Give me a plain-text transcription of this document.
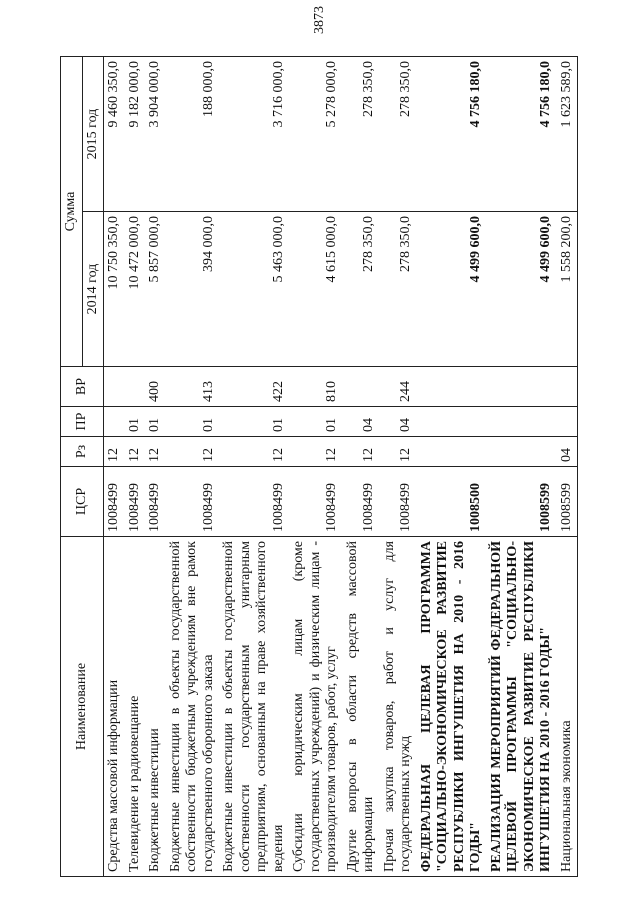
3873
Наименование	ЦСР	Рз	ПР	ВР	Сумма	
					2014 год	2015 год
Средства массовой информации	1008499	12			10 750 350,0	9 460 350,0
Телевидение и радиовещание	1008499	12	01		10 472 000,0	9 182 000,0
Бюджетные инвестиции	1008499	12	01	400	5 857 000,0	3 904 000,0
Бюджетные инвестиции в объекты государственной собственности бюджетным учреждениям вне рамок государственного оборонного заказа	1008499	12	01	413	394 000,0	188 000,0
Бюджетные инвестиции в объекты государственной собственности государственным унитарным предприятиям, основанным на праве хозяйственного ведения	1008499	12	01	422	5 463 000,0	3 716 000,0
Субсидии юридическим лицам (кроме государственных учреждений) и физическим лицам - производителям товаров, работ, услуг	1008499	12	01	810	4 615 000,0	5 278 000,0
Другие вопросы в области средств массовой информации	1008499	12	04		278 350,0	278 350,0
Прочая закупка товаров, работ и услуг для государственных нужд	1008499	12	04	244	278 350,0	278 350,0
ФЕДЕРАЛЬНАЯ ЦЕЛЕВАЯ ПРОГРАММА "СОЦИАЛЬНО-ЭКОНОМИЧЕСКОЕ РАЗВИТИЕ РЕСПУБЛИКИ ИНГУШЕТИЯ НА 2010 - 2016 ГОДЫ"	1008500				4 499 600,0	4 756 180,0
РЕАЛИЗАЦИЯ МЕРОПРИЯТИЙ ФЕДЕРАЛЬНОЙ ЦЕЛЕВОЙ ПРОГРАММЫ "СОЦИАЛЬНО-ЭКОНОМИЧЕСКОЕ РАЗВИТИЕ РЕСПУБЛИКИ ИНГУШЕТИЯ НА 2010 - 2016 ГОДЫ"	1008599				4 499 600,0	4 756 180,0
Национальная экономика	1008599	04			1 558 200,0	1 623 589,0
